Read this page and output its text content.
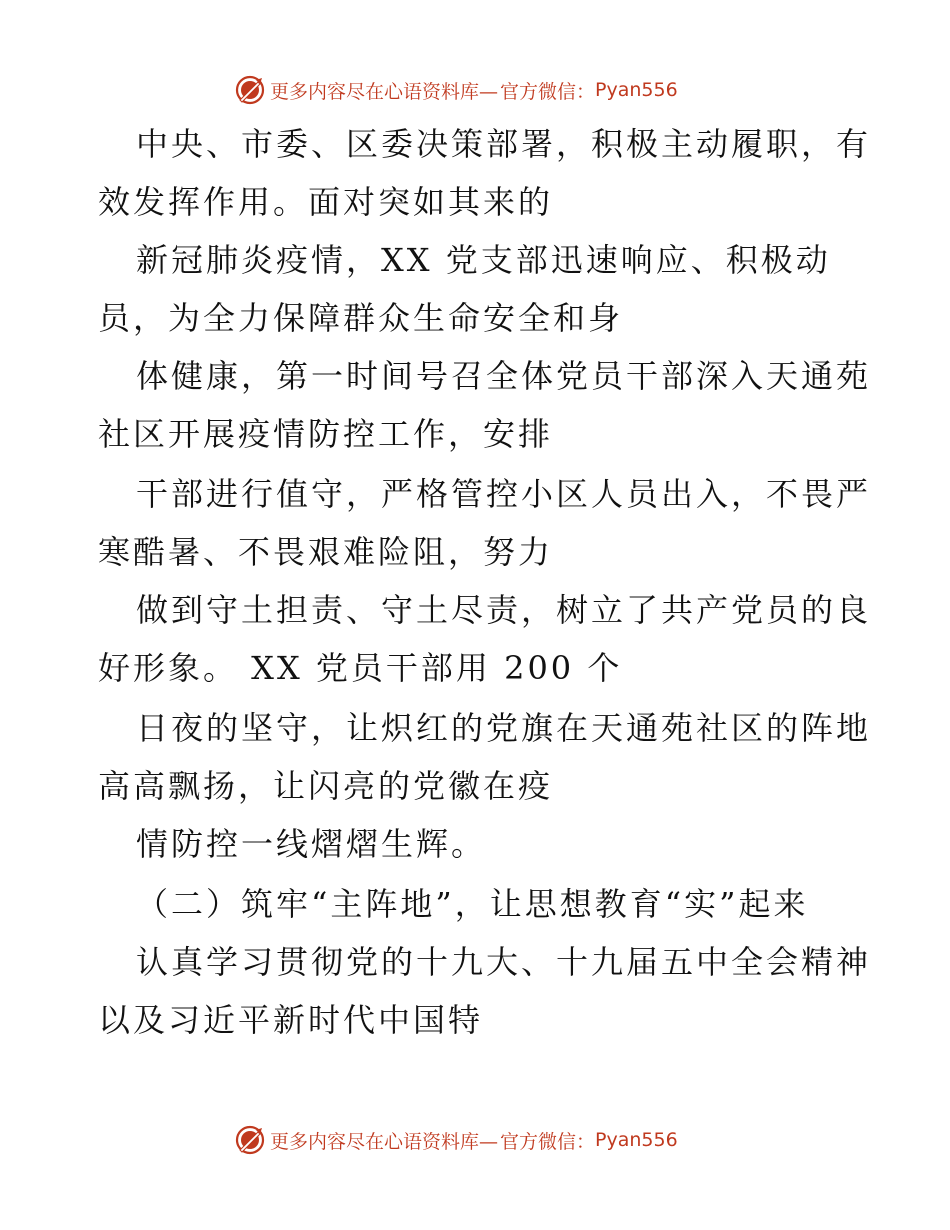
更多内容尽在心语资料库— 官方微信： Pyan556
中央、市委、区委决策部署，积极主动履职，有
效发挥作用。面对突如其来的
新冠肺炎疫情，XX 党支部迅速响应、积极动
员，为全力保障群众生命安全和身
体健康，第一时间号召全体党员干部深入天通苑
社区开展疫情防控工作，安排
干部进行值守，严格管控小区人员出入，不畏严
寒酷暑、不畏艰难险阻，努力
做到守土担责、守土尽责，树立了共产党员的良
好形象。 XX 党员干部用 200 个
日夜的坚守，让炽红的党旗在天通苑社区的阵地
高高飘扬，让闪亮的党徽在疫
情防控一线熠熠生辉。
（二）筑牢“主阵地”，让思想教育“实”起来
认真学习贯彻党的十九大、十九届五中全会精神
以及习近平新时代中国特
更多内容尽在心语资料库— 官方微信： Pyan556
